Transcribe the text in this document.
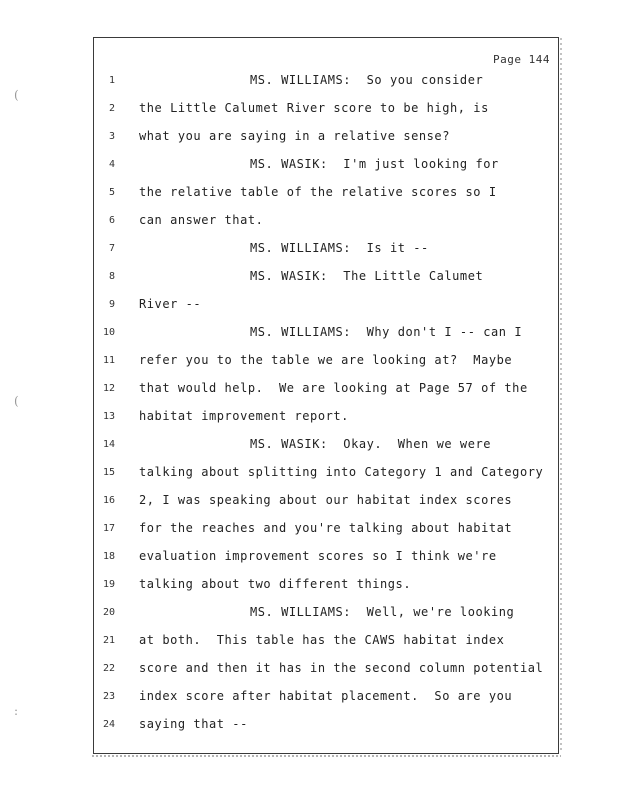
(
(
:
Page 144
1	MS. WILLIAMS:  So you consider
2 the Little Calumet River score to be high, is
3 what you are saying in a relative sense?
4	MS. WASIK:  I'm just looking for
5 the relative table of the relative scores so I
6 can answer that.
7	MS. WILLIAMS:  Is it --
8	MS. WASIK:  The Little Calumet
9 River --
10	MS. WILLIAMS:  Why don't I -- can I
11 refer you to the table we are looking at?  Maybe
12 that would help.  We are looking at Page 57 of the
13 habitat improvement report.
14	MS. WASIK:  Okay.  When we were
15 talking about splitting into Category 1 and Category
16 2, I was speaking about our habitat index scores
17 for the reaches and you're talking about habitat
18 evaluation improvement scores so I think we're
19 talking about two different things.
20	MS. WILLIAMS:  Well, we're looking
21 at both.  This table has the CAWS habitat index
22 score and then it has in the second column potential
23 index score after habitat placement.  So are you
24 saying that --
